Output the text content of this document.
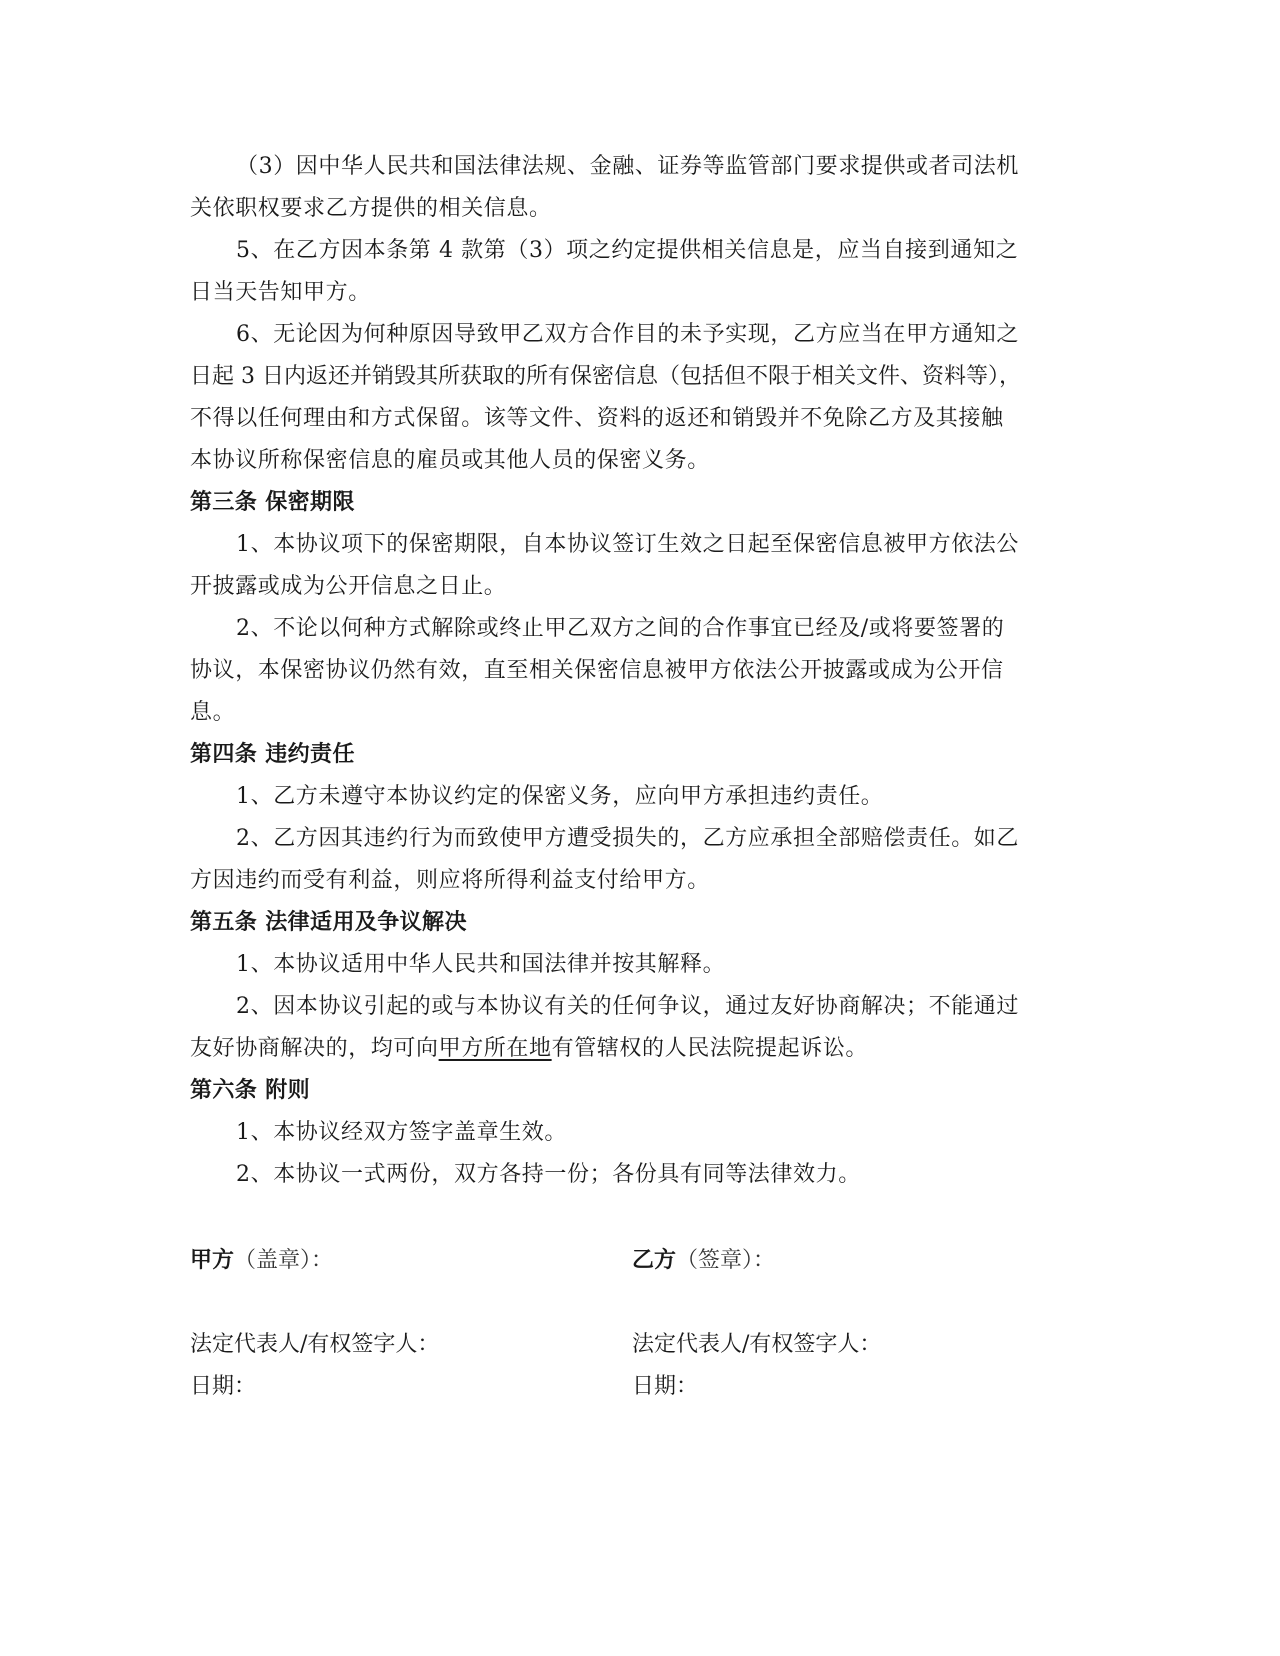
（3）因中华人民共和国法律法规、金融、证券等监管部门要求提供或者司法机
关依职权要求乙方提供的相关信息。
5、在乙方因本条第 4 款第（3）项之约定提供相关信息是，应当自接到通知之
日当天告知甲方。
6、无论因为何种原因导致甲乙双方合作目的未予实现，乙方应当在甲方通知之
日起 3 日内返还并销毁其所获取的所有保密信息（包括但不限于相关文件、资料等），
不得以任何理由和方式保留。该等文件、资料的返还和销毁并不免除乙方及其接触
本协议所称保密信息的雇员或其他人员的保密义务。
第三条 保密期限
1、本协议项下的保密期限，自本协议签订生效之日起至保密信息被甲方依法公
开披露或成为公开信息之日止。
2、不论以何种方式解除或终止甲乙双方之间的合作事宜已经及/或将要签署的
协议，本保密协议仍然有效，直至相关保密信息被甲方依法公开披露或成为公开信
息。
第四条 违约责任
1、乙方未遵守本协议约定的保密义务，应向甲方承担违约责任。
2、乙方因其违约行为而致使甲方遭受损失的，乙方应承担全部赔偿责任。如乙
方因违约而受有利益，则应将所得利益支付给甲方。
第五条 法律适用及争议解决
1、本协议适用中华人民共和国法律并按其解释。
2、因本协议引起的或与本协议有关的任何争议，通过友好协商解决；不能通过
友好协商解决的，均可向甲方所在地有管辖权的人民法院提起诉讼。
第六条 附则
1、本协议经双方签字盖章生效。
2、本协议一式两份，双方各持一份；各份具有同等法律效力。
甲方（盖章）：	乙方（签章）：
法定代表人/有权签字人：	法定代表人/有权签字人：
日期：	日期：
